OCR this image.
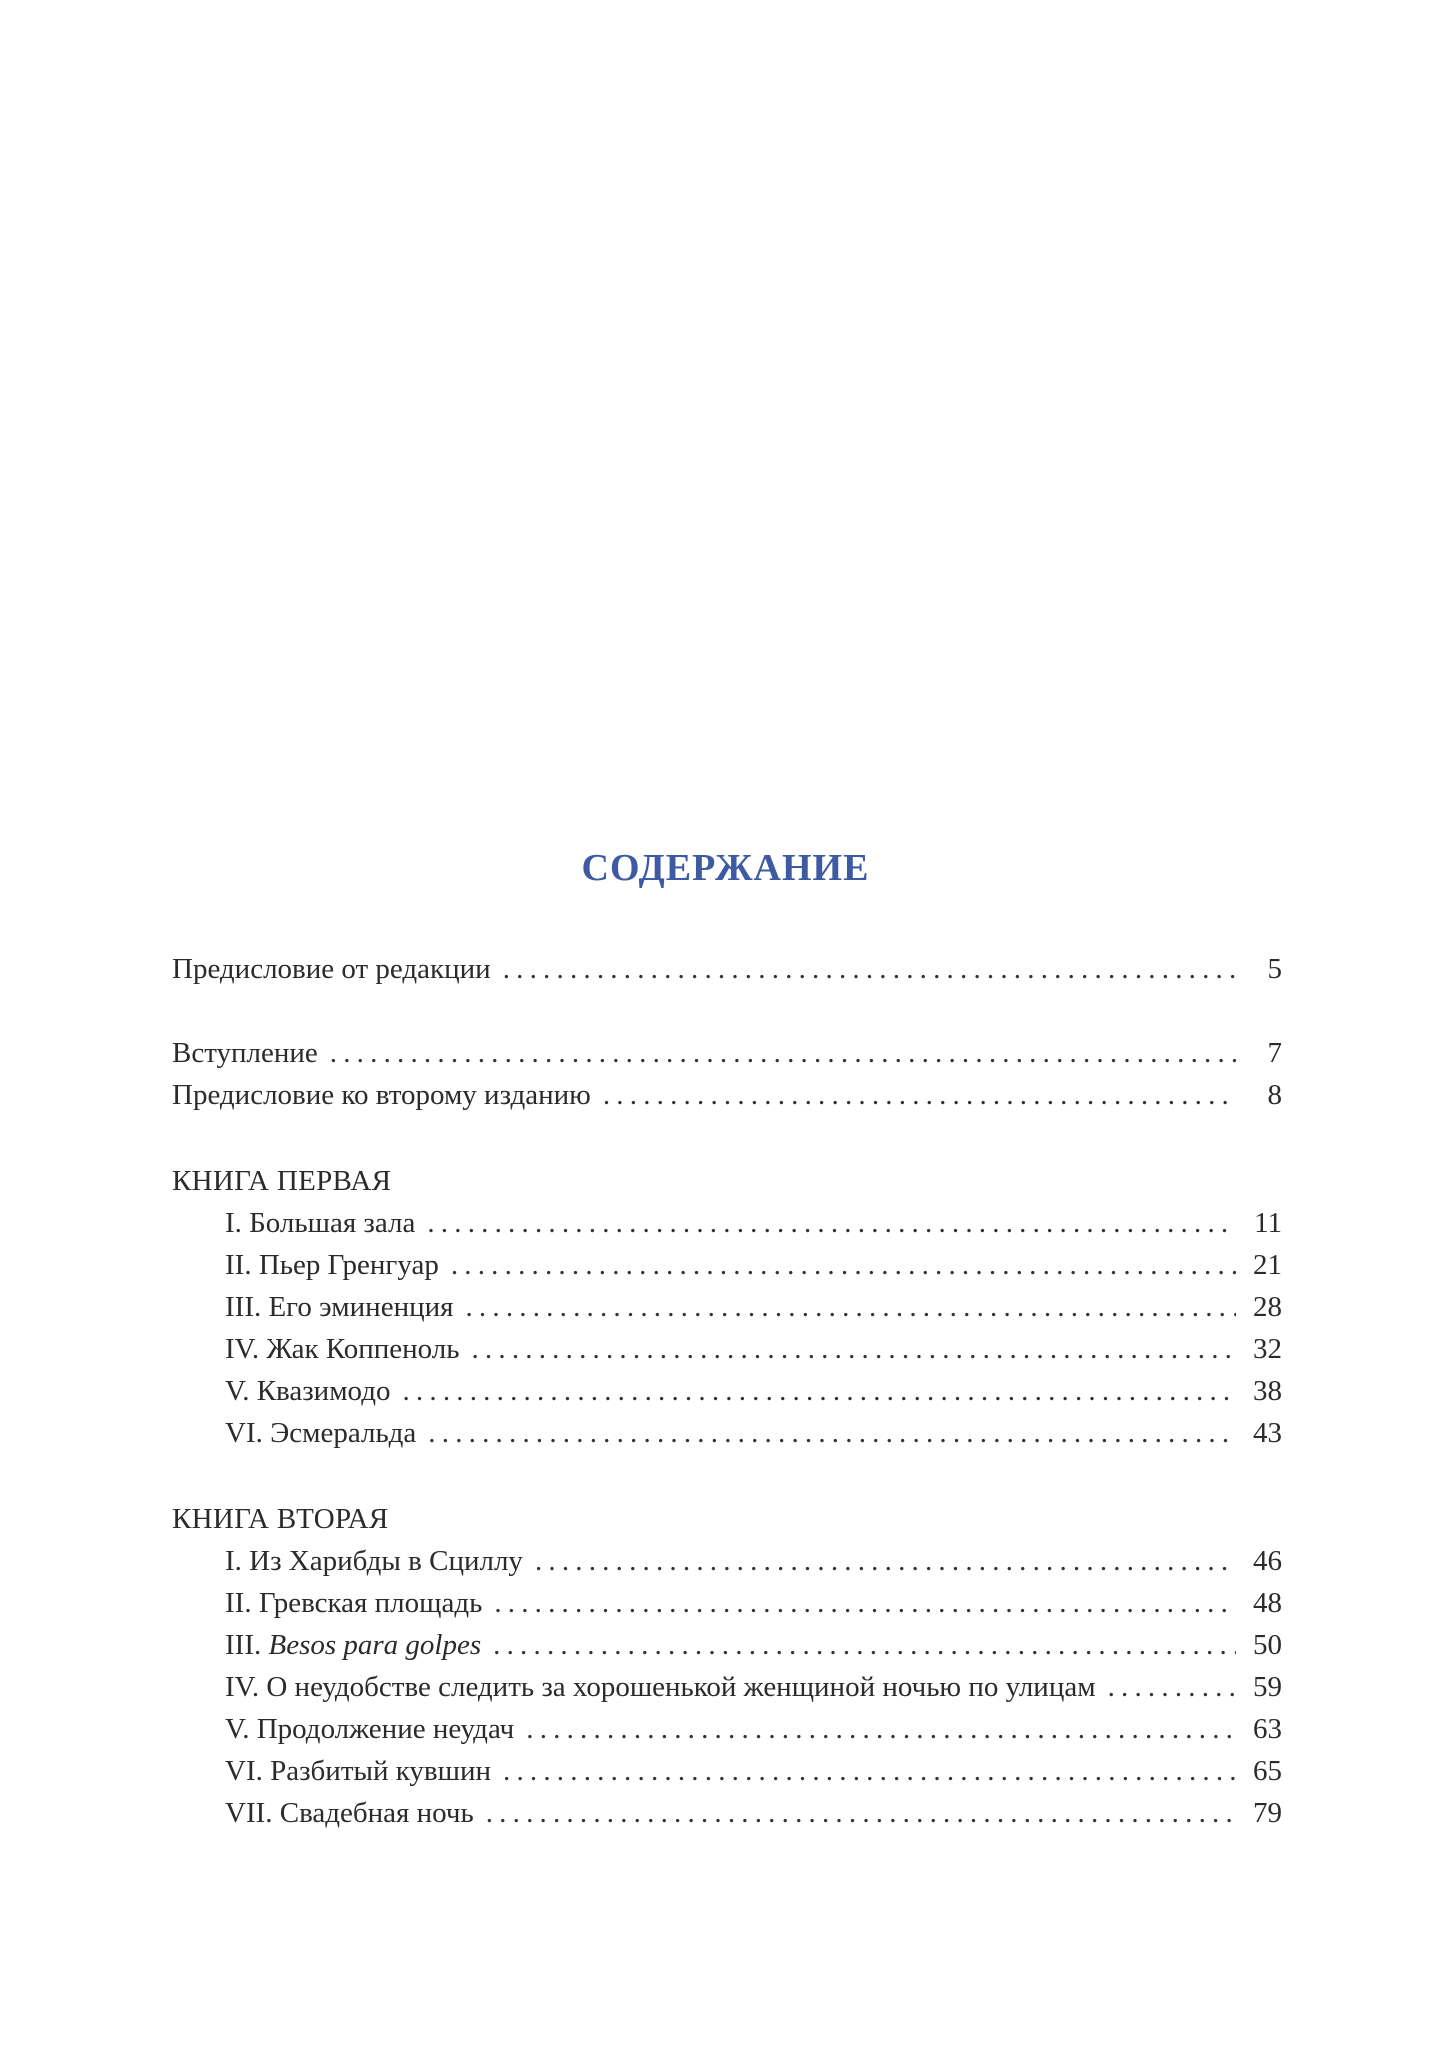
СОДЕРЖАНИЕ
Предисловие от редакции .....	5
Вступление .....	7
Предисловие ко второму изданию .....	8
КНИГА ПЕРВАЯ
I. Большая зала .....	11
II. Пьер Гренгуар .....	21
III. Его эминенция .....	28
IV. Жак Коппеноль .....	32
V. Квазимодо .....	38
VI. Эсмеральда .....	43
КНИГА ВТОРАЯ
I. Из Харибды в Сциллу .....	46
II. Гревская площадь .....	48
III. Besos para golpes .....	50
IV. О неудобстве следить за хорошенькой женщиной ночью по улицам .....	59
V. Продолжение неудач .....	63
VI. Разбитый кувшин .....	65
VII. Свадебная ночь .....	79
